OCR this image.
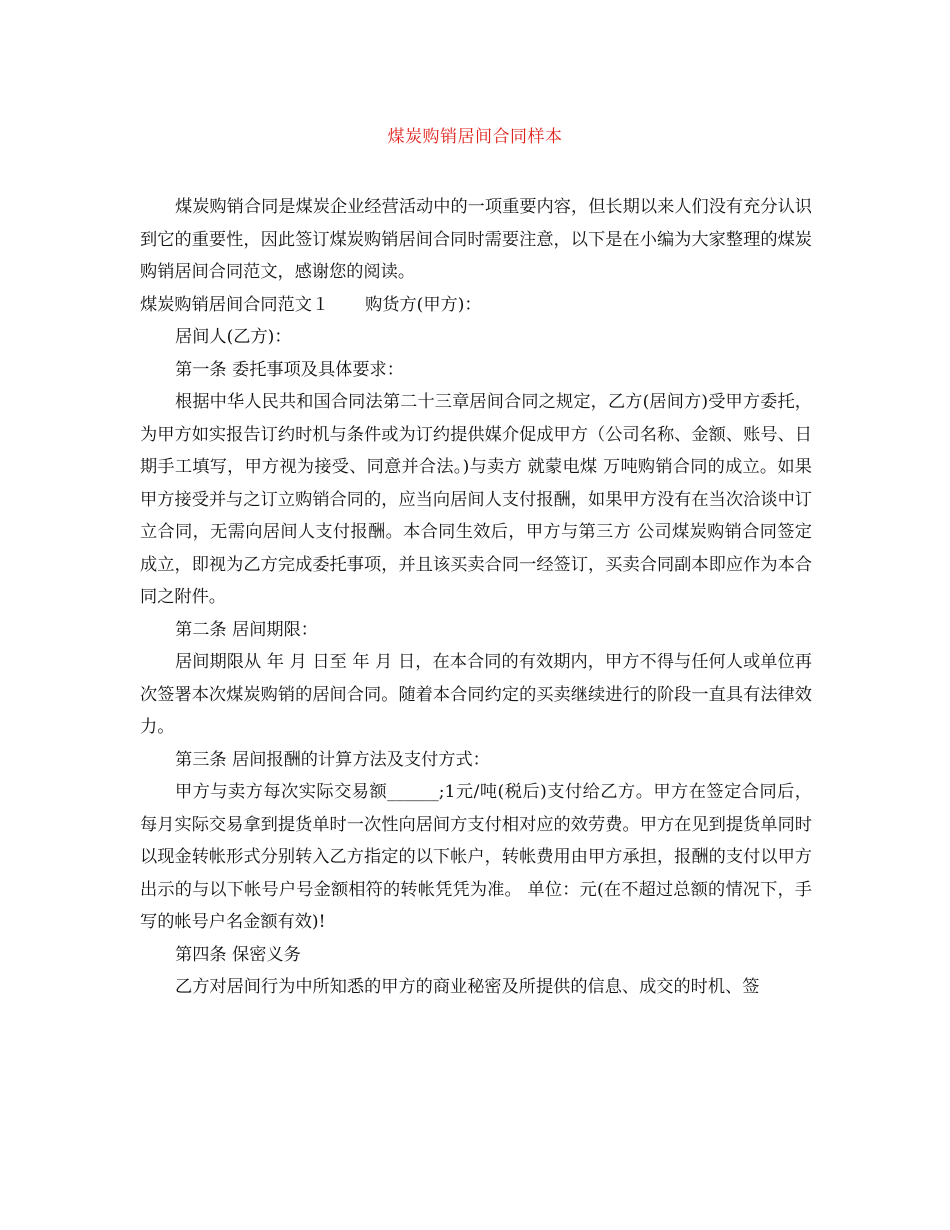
煤炭购销居间合同样本

煤炭购销合同是煤炭企业经营活动中的一项重要内容，但长期以来人们没有充分认识到它的重要性，因此签订煤炭购销居间合同时需要注意，以下是在小编为大家整理的煤炭购销居间合同范文，感谢您的阅读。

煤炭购销居间合同范文１ 购货方(甲方)：

居间人(乙方)：

第一条 委托事项及具体要求：

根据中华人民共和国合同法第二十三章居间合同之规定，乙方(居间方)受甲方委托，为甲方如实报告订约时机与条件或为订约提供媒介促成甲方（公司名称、金额、账号、日期手工填写，甲方视为接受、同意并合法。)与卖方 就蒙电煤 万吨购销合同的成立。如果甲方接受并与之订立购销合同的，应当向居间人支付报酬，如果甲方没有在当次洽谈中订立合同，无需向居间人支付报酬。本合同生效后，甲方与第三方 公司煤炭购销合同签定成立，即视为乙方完成委托事项，并且该买卖合同一经签订，买卖合同副本即应作为本合同之附件。

第二条 居间期限：

居间期限从 年 月 日至 年 月 日，在本合同的有效期内，甲方不得与任何人或单位再次签署本次煤炭购销的居间合同。随着本合同约定的买卖继续进行的阶段一直具有法律效力。

第三条 居间报酬的计算方法及支付方式：

甲方与卖方每次实际交易额______;1元/吨(税后)支付给乙方。甲方在签定合同后，每月实际交易拿到提货单时一次性向居间方支付相对应的效劳费。甲方在见到提货单同时以现金转帐形式分别转入乙方指定的以下帐户，转帐费用由甲方承担，报酬的支付以甲方出示的与以下帐号户号金额相符的转帐凭凭为准。 单位：元(在不超过总额的情况下，手写的帐号户名金额有效)!

第四条 保密义务

乙方对居间行为中所知悉的甲方的商业秘密及所提供的信息、成交的时机、签
